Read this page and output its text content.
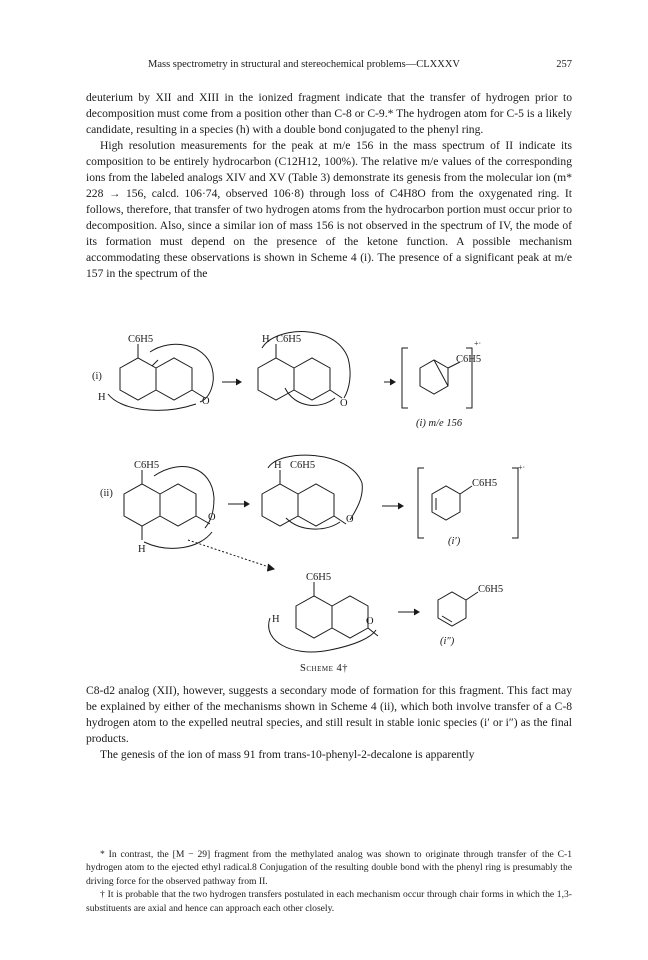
Mass spectrometry in structural and stereochemical problems—CLXXXV	257

deuterium by XII and XIII in the ionized fragment indicate that the transfer of hydrogen prior to decomposition must come from a position other than C-8 or C-9.* The hydrogen atom for C-5 is a likely candidate, resulting in a species (h) with a double bond conjugated to the phenyl ring.

High resolution measurements for the peak at m/e 156 in the mass spectrum of II indicate its composition to be entirely hydrocarbon (C12H12, 100%). The relative m/e values of the corresponding ions from the labeled analogs XIV and XV (Table 3) demonstrate its genesis from the molecular ion (m* 228 → 156, calcd. 106·74, observed 106·8) through loss of C4H8O from the oxygenated ring. It follows, therefore, that transfer of two hydrogen atoms from the hydrocarbon portion must occur prior to decomposition. Also, since a similar ion of mass 156 is not observed in the spectrum of IV, the mode of its formation must depend on the presence of the ketone function. A possible mechanism accommodating these observations is shown in Scheme 4 (i). The presence of a significant peak at m/e 157 in the spectrum of the

(i)
C6H5
H	O
H C6H5
O
C6H5
+·
(i) m/e 156
(ii)
C6H5
H
O
H C6H5
O
C6H5
+·
(i′)
C6H5
H	O
C6H5
(i″)
Scheme 4†

C8-d2 analog (XII), however, suggests a secondary mode of formation for this fragment. This fact may be explained by either of the mechanisms shown in Scheme 4 (ii), which both involve transfer of a C-8 hydrogen atom to the expelled neutral species, and still result in stable ionic species (i′ or i″) as the final products.

The genesis of the ion of mass 91 from trans-10-phenyl-2-decalone is apparently

* In contrast, the [M − 29] fragment from the methylated analog was shown to originate through transfer of the C-1 hydrogen atom to the ejected ethyl radical.8 Conjugation of the resulting double bond with the phenyl ring is presumably the driving force for the observed pathway from II.

† It is probable that the two hydrogen transfers postulated in each mechanism occur through chair forms in which the 1,3-substituents are axial and hence can approach each other closely.
